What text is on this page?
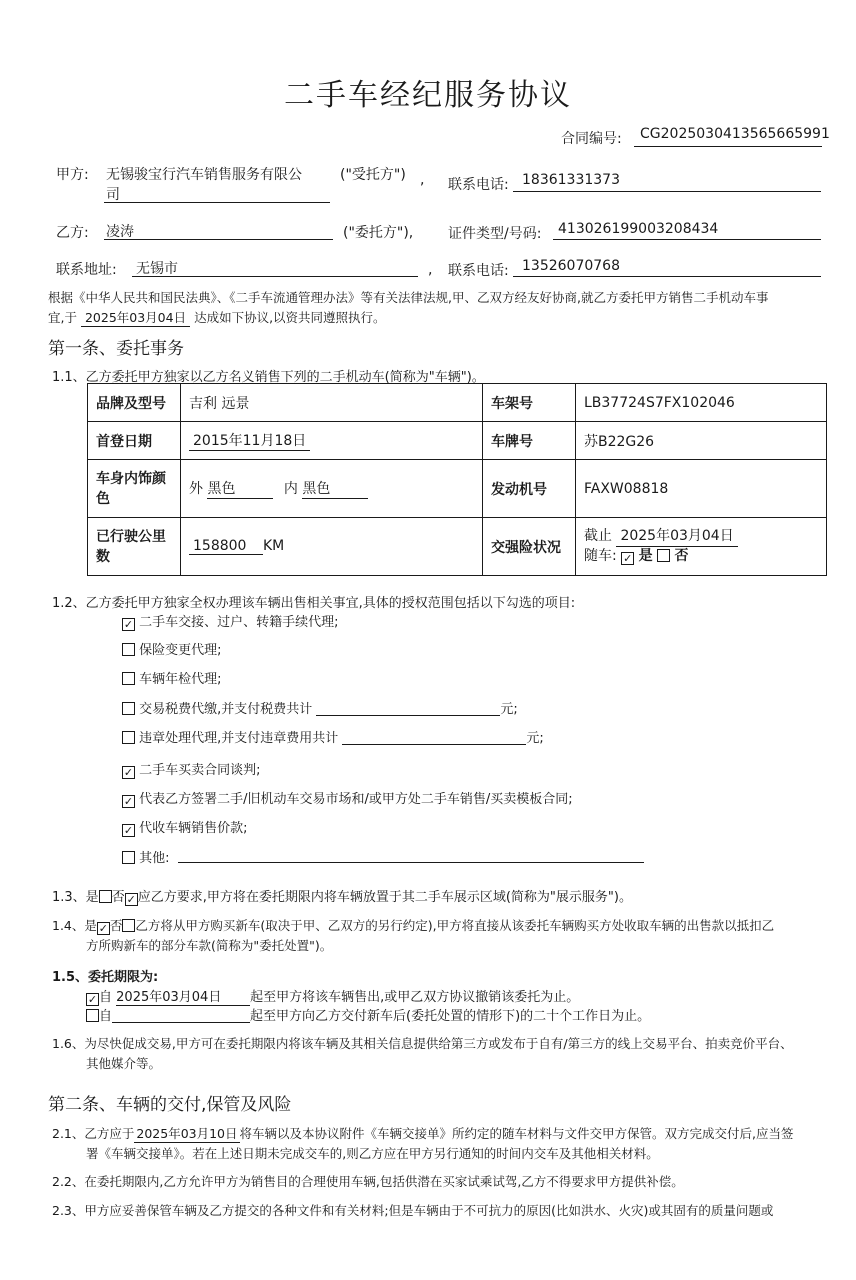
二手车经纪服务协议
合同编号: CG2025030413565665991
甲方: 无锡骏宝行汽车销售服务有限公
司
("受托方") , 联系电话: 18361331373
乙方: 凌涛	("委托方"), 证件类型/号码: 413026199003208434
联系地址: 无锡市	, 联系电话: 13526070768
根据《中华人民共和国民法典》、《二手车流通管理办法》等有关法律法规,甲、乙双方经友好协商,就乙方委托甲方销售二手机动车事
宜,于 2025年03月04日 达成如下协议,以资共同遵照执行。
第一条、委托事务
1.1、乙方委托甲方独家以乙方名义销售下列的二手机动车(简称为"车辆")。
品牌及型号	吉利 远景	车架号	LB37724S7FX102046
首登日期	2015年11月18日	车牌号	苏B22G26
车身内饰颜色	外 黑色 内 黑色	发动机号	FAXW08818
已行驶公里数	158800 KM	交强险状况	截止 2025年03月04日
随车: ✓ 是 否
1.2、乙方委托甲方独家全权办理该车辆出售相关事宜,具体的授权范围包括以下勾选的项目:
✓ 二手车交接、过户、转籍手续代理;
保险变更代理;
车辆年检代理;
交易税费代缴,并支付税费共计	元;
违章处理代理,并支付违章费用共计	元;
✓ 二手车买卖合同谈判;
✓ 代表乙方签署二手/旧机动车交易市场和/或甲方处二手车销售/买卖模板合同;
✓ 代收车辆销售价款;
其他:
1.3、是 否 ✓ 应乙方要求,甲方将在委托期限内将车辆放置于其二手车展示区域(简称为"展示服务")。
1.4、是 ✓ 否 乙方将从甲方购买新车(取决于甲、乙双方的另行约定),甲方将直接从该委托车辆购买方处收取车辆的出售款以抵扣乙
方所购新车的部分车款(简称为"委托处置")。
1.5、委托期限为:
✓ 自 2025年03月04日 起至甲方将该车辆售出,或甲乙双方协议撤销该委托为止。
自	起至甲方向乙方交付新车后(委托处置的情形下)的二十个工作日为止。
1.6、为尽快促成交易,甲方可在委托期限内将该车辆及其相关信息提供给第三方或发布于自有/第三方的线上交易平台、拍卖竞价平台、
其他媒介等。
第二条、车辆的交付,保管及风险
2.1、乙方应于 2025年03月10日 将车辆以及本协议附件《车辆交接单》所约定的随车材料与文件交甲方保管。双方完成交付后,应当签
署《车辆交接单》。若在上述日期未完成交车的,则乙方应在甲方另行通知的时间内交车及其他相关材料。
2.2、在委托期限内,乙方允许甲方为销售目的合理使用车辆,包括供潜在买家试乘试驾,乙方不得要求甲方提供补偿。
2.3、甲方应妥善保管车辆及乙方提交的各种文件和有关材料;但是车辆由于不可抗力的原因(比如洪水、火灾)或其固有的质量问题或
